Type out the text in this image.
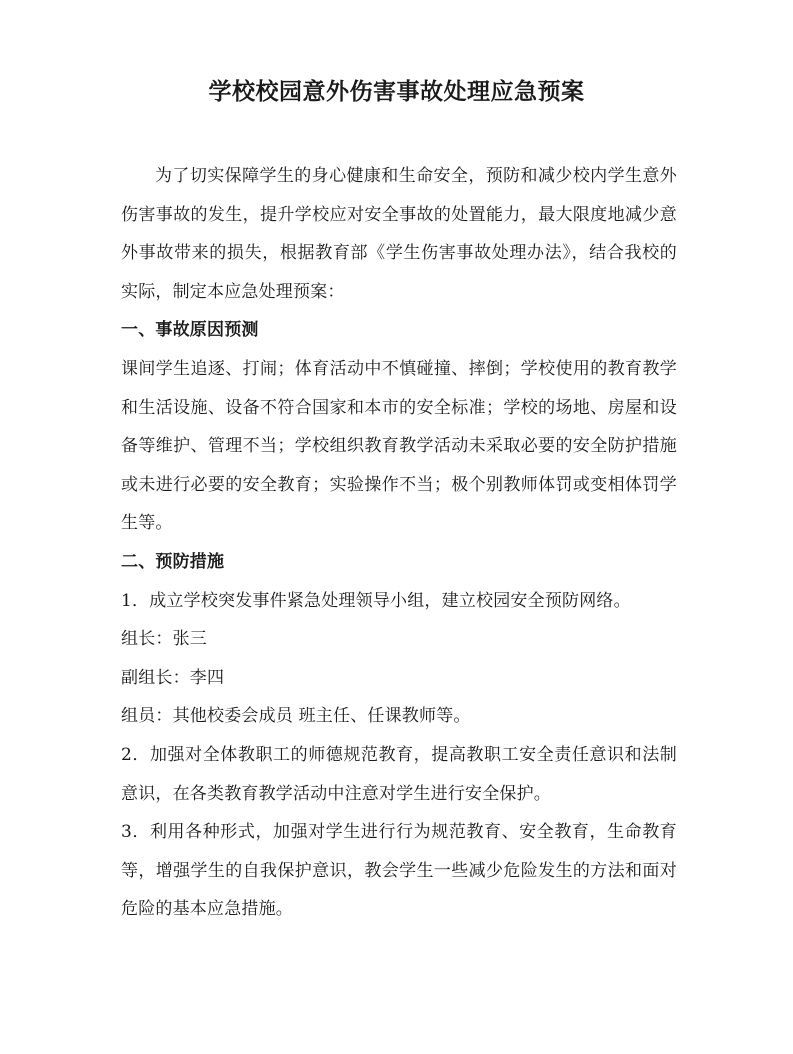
学校校园意外伤害事故处理应急预案

为了切实保障学生的身心健康和生命安全，预防和减少校内学生意外伤害事故的发生，提升学校应对安全事故的处置能力，最大限度地减少意外事故带来的损失，根据教育部《学生伤害事故处理办法》，结合我校的实际，制定本应急处理预案：

一、事故原因预测

课间学生追逐、打闹；体育活动中不慎碰撞、摔倒；学校使用的教育教学和生活设施、设备不符合国家和本市的安全标准；学校的场地、房屋和设备等维护、管理不当；学校组织教育教学活动未采取必要的安全防护措施或未进行必要的安全教育；实验操作不当；极个别教师体罚或变相体罚学生等。

二、预防措施

1．成立学校突发事件紧急处理领导小组，建立校园安全预防网络。

组长：张三

副组长：李四

组员：其他校委会成员 班主任、任课教师等。

2．加强对全体教职工的师德规范教育，提高教职工安全责任意识和法制意识，在各类教育教学活动中注意对学生进行安全保护。

3．利用各种形式，加强对学生进行行为规范教育、安全教育，生命教育等，增强学生的自我保护意识，教会学生一些减少危险发生的方法和面对危险的基本应急措施。
